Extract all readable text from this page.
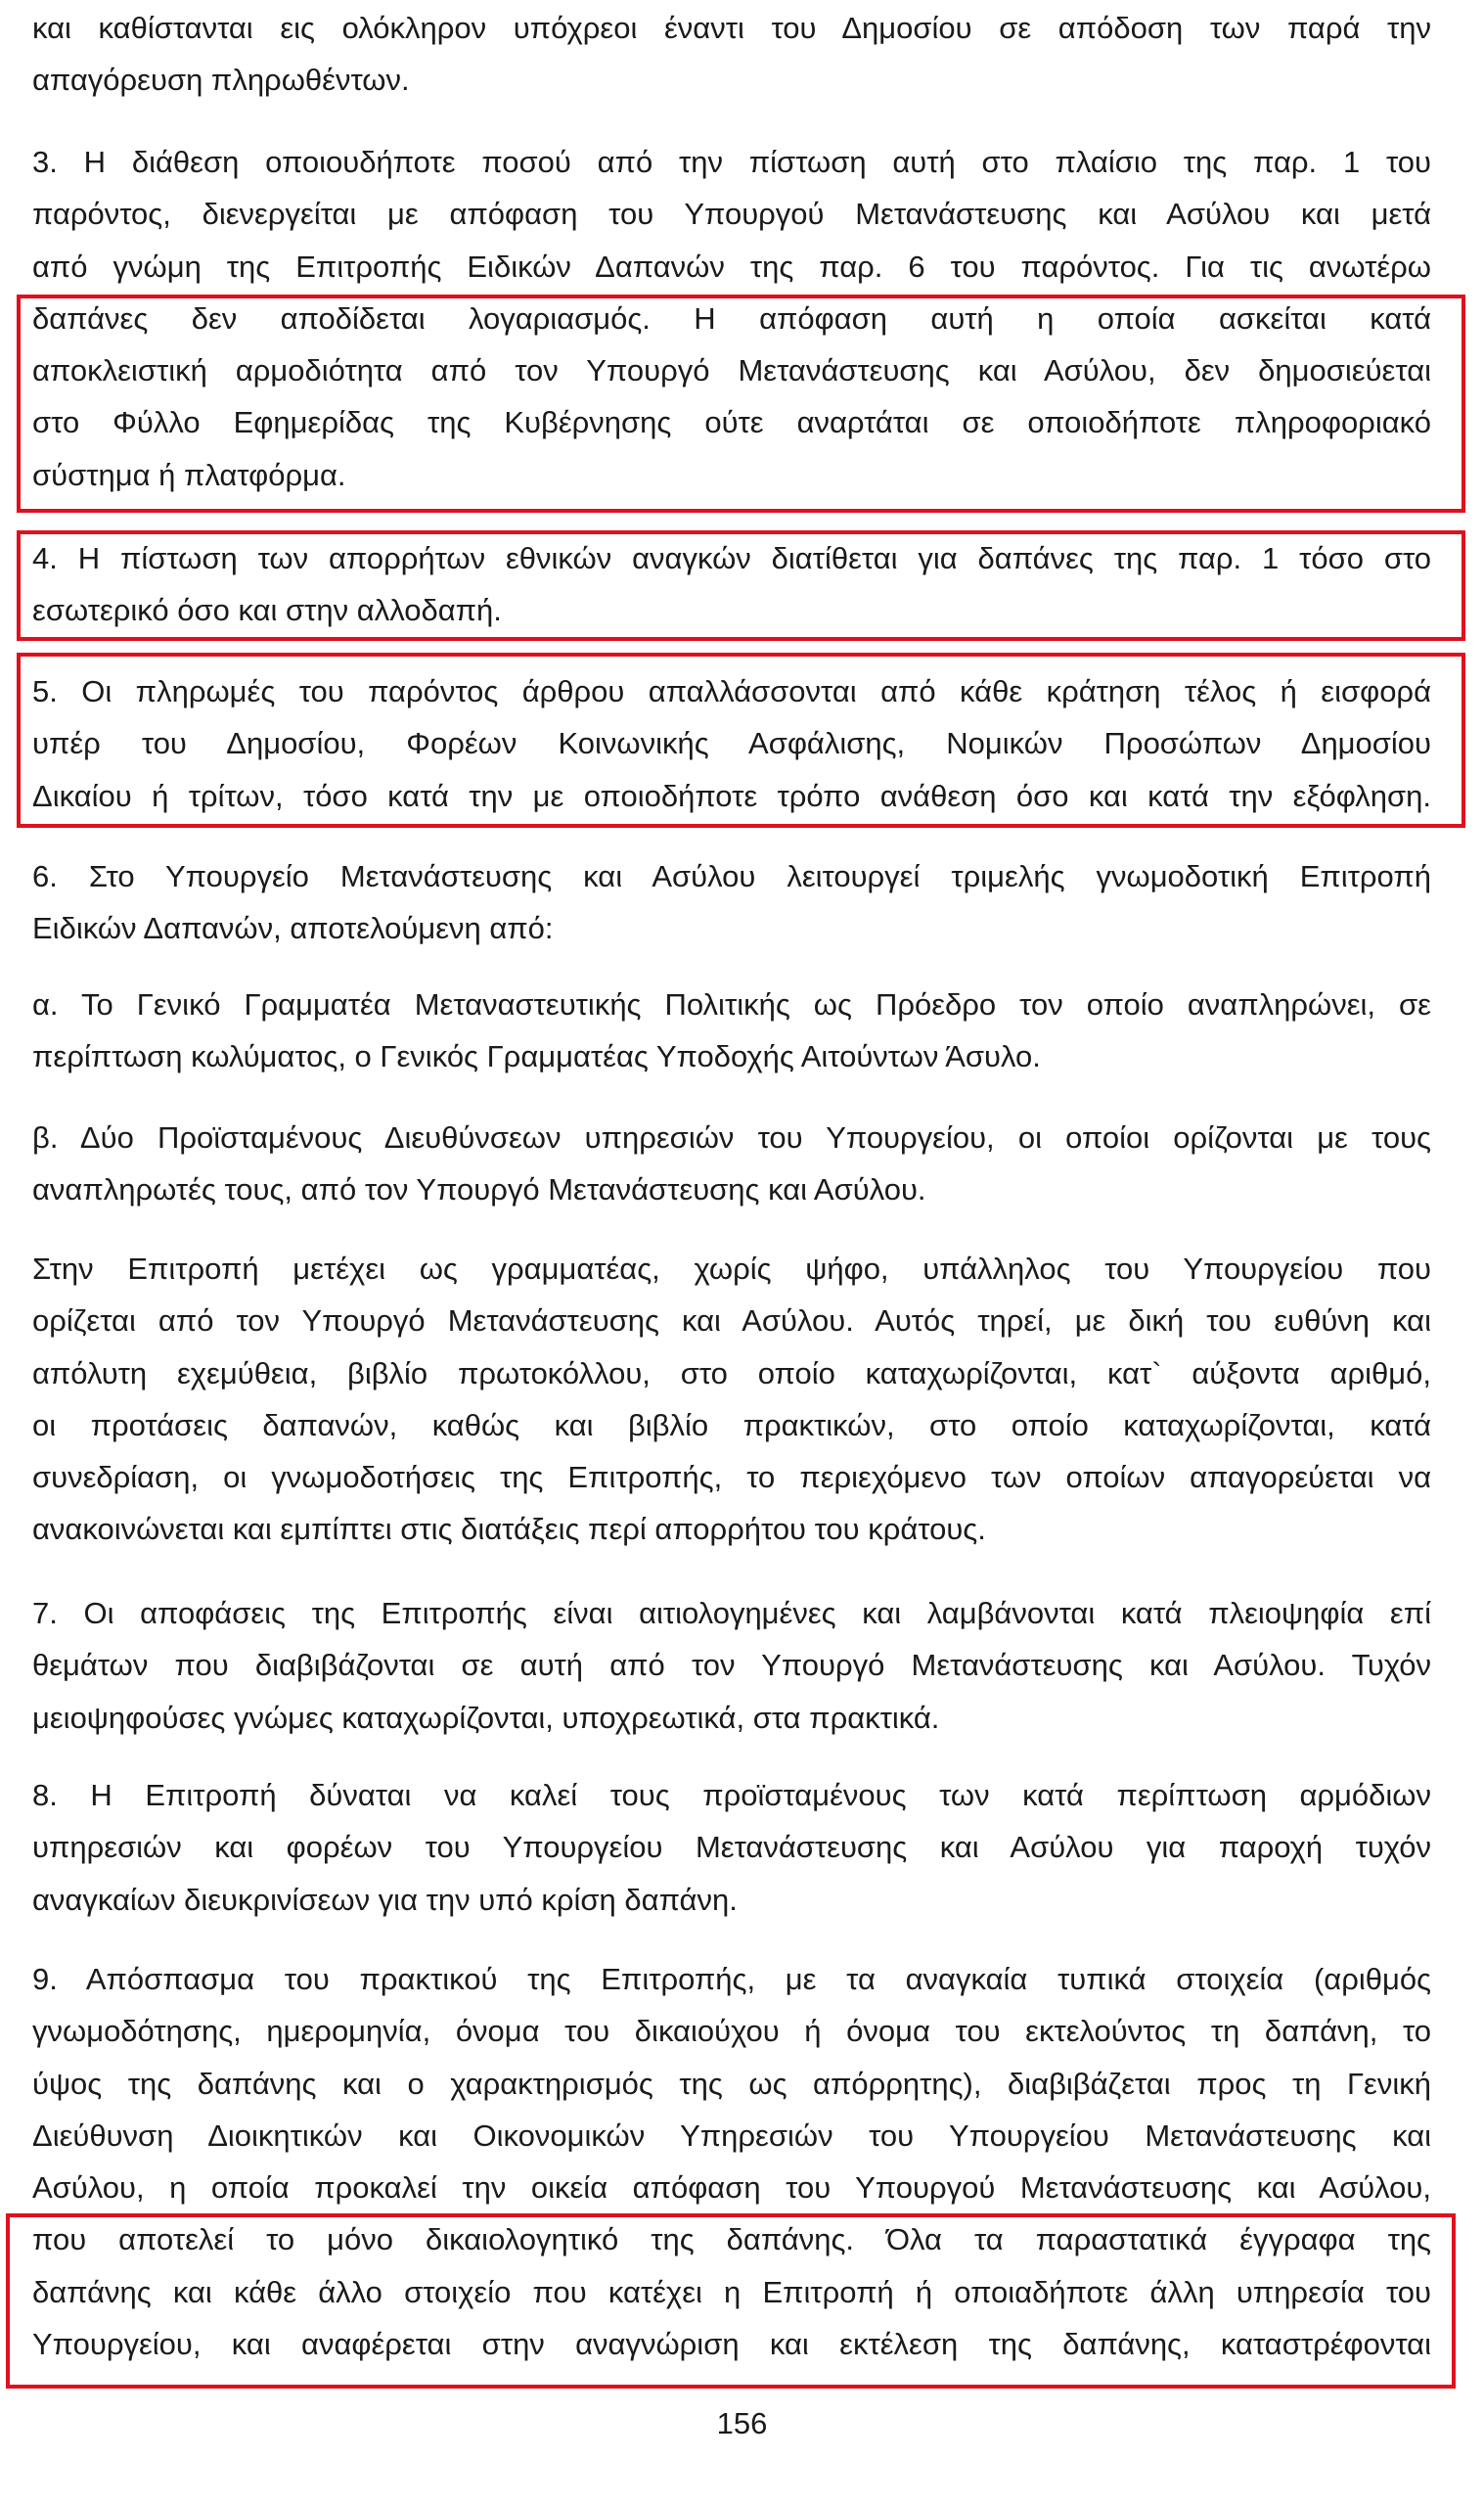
και καθίστανται εις ολόκληρον υπόχρεοι έναντι του Δημοσίου σε απόδοση των παρά την
απαγόρευση πληρωθέντων.
3. Η διάθεση οποιουδήποτε ποσού από την πίστωση αυτή στο πλαίσιο της παρ. 1 του
παρόντος, διενεργείται με απόφαση του Υπουργού Μετανάστευσης και Ασύλου και μετά
από γνώμη της Επιτροπής Ειδικών Δαπανών της παρ. 6 του παρόντος. Για τις ανωτέρω
δαπάνες δεν αποδίδεται λογαριασμός. Η απόφαση αυτή η οποία ασκείται κατά
αποκλειστική αρμοδιότητα από τον Υπουργό Μετανάστευσης και Ασύλου, δεν δημοσιεύεται
στο Φύλλο Εφημερίδας της Κυβέρνησης ούτε αναρτάται σε οποιοδήποτε πληροφοριακό
σύστημα ή πλατφόρμα.
4. Η πίστωση των απορρήτων εθνικών αναγκών διατίθεται για δαπάνες της παρ. 1 τόσο στο
εσωτερικό όσο και στην αλλοδαπή.
5. Οι πληρωμές του παρόντος άρθρου απαλλάσσονται από κάθε κράτηση τέλος ή εισφορά
υπέρ του Δημοσίου, Φορέων Κοινωνικής Ασφάλισης, Νομικών Προσώπων Δημοσίου
Δικαίου ή τρίτων, τόσο κατά την με οποιοδήποτε τρόπο ανάθεση όσο και κατά την εξόφληση.
6. Στο Υπουργείο Μετανάστευσης και Ασύλου λειτουργεί τριμελής γνωμοδοτική Επιτροπή
Ειδικών Δαπανών, αποτελούμενη από:
α. Το Γενικό Γραμματέα Μεταναστευτικής Πολιτικής ως Πρόεδρο τον οποίο αναπληρώνει, σε
περίπτωση κωλύματος, ο Γενικός Γραμματέας Υποδοχής Αιτούντων Άσυλο.
β. Δύο Προϊσταμένους Διευθύνσεων υπηρεσιών του Υπουργείου, οι οποίοι ορίζονται με τους
αναπληρωτές τους, από τον Υπουργό Μετανάστευσης και Ασύλου.
Στην Επιτροπή μετέχει ως γραμματέας, χωρίς ψήφο, υπάλληλος του Υπουργείου που
ορίζεται από τον Υπουργό Μετανάστευσης και Ασύλου. Αυτός τηρεί, με δική του ευθύνη και
απόλυτη εχεμύθεια, βιβλίο πρωτοκόλλου, στο οποίο καταχωρίζονται, κατ` αύξοντα αριθμό,
οι προτάσεις δαπανών, καθώς και βιβλίο πρακτικών, στο οποίο καταχωρίζονται, κατά
συνεδρίαση, οι γνωμοδοτήσεις της Επιτροπής, το περιεχόμενο των οποίων απαγορεύεται να
ανακοινώνεται και εμπίπτει στις διατάξεις περί απορρήτου του κράτους.
7. Οι αποφάσεις της Επιτροπής είναι αιτιολογημένες και λαμβάνονται κατά πλειοψηφία επί
θεμάτων που διαβιβάζονται σε αυτή από τον Υπουργό Μετανάστευσης και Ασύλου. Τυχόν
μειοψηφούσες γνώμες καταχωρίζονται, υποχρεωτικά, στα πρακτικά.
8. Η Επιτροπή δύναται να καλεί τους προϊσταμένους των κατά περίπτωση αρμόδιων
υπηρεσιών και φορέων του Υπουργείου Μετανάστευσης και Ασύλου για παροχή τυχόν
αναγκαίων διευκρινίσεων για την υπό κρίση δαπάνη.
9. Απόσπασμα του πρακτικού της Επιτροπής, με τα αναγκαία τυπικά στοιχεία (αριθμός
γνωμοδότησης, ημερομηνία, όνομα του δικαιούχου ή όνομα του εκτελούντος τη δαπάνη, το
ύψος της δαπάνης και ο χαρακτηρισμός της ως απόρρητης), διαβιβάζεται προς τη Γενική
Διεύθυνση Διοικητικών και Οικονομικών Υπηρεσιών του Υπουργείου Μετανάστευσης και
Ασύλου, η οποία προκαλεί την οικεία απόφαση του Υπουργού Μετανάστευσης και Ασύλου,
που αποτελεί το μόνο δικαιολογητικό της δαπάνης. Όλα τα παραστατικά έγγραφα της
δαπάνης και κάθε άλλο στοιχείο που κατέχει η Επιτροπή ή οποιαδήποτε άλλη υπηρεσία του
Υπουργείου, και αναφέρεται στην αναγνώριση και εκτέλεση της δαπάνης, καταστρέφονται
156
